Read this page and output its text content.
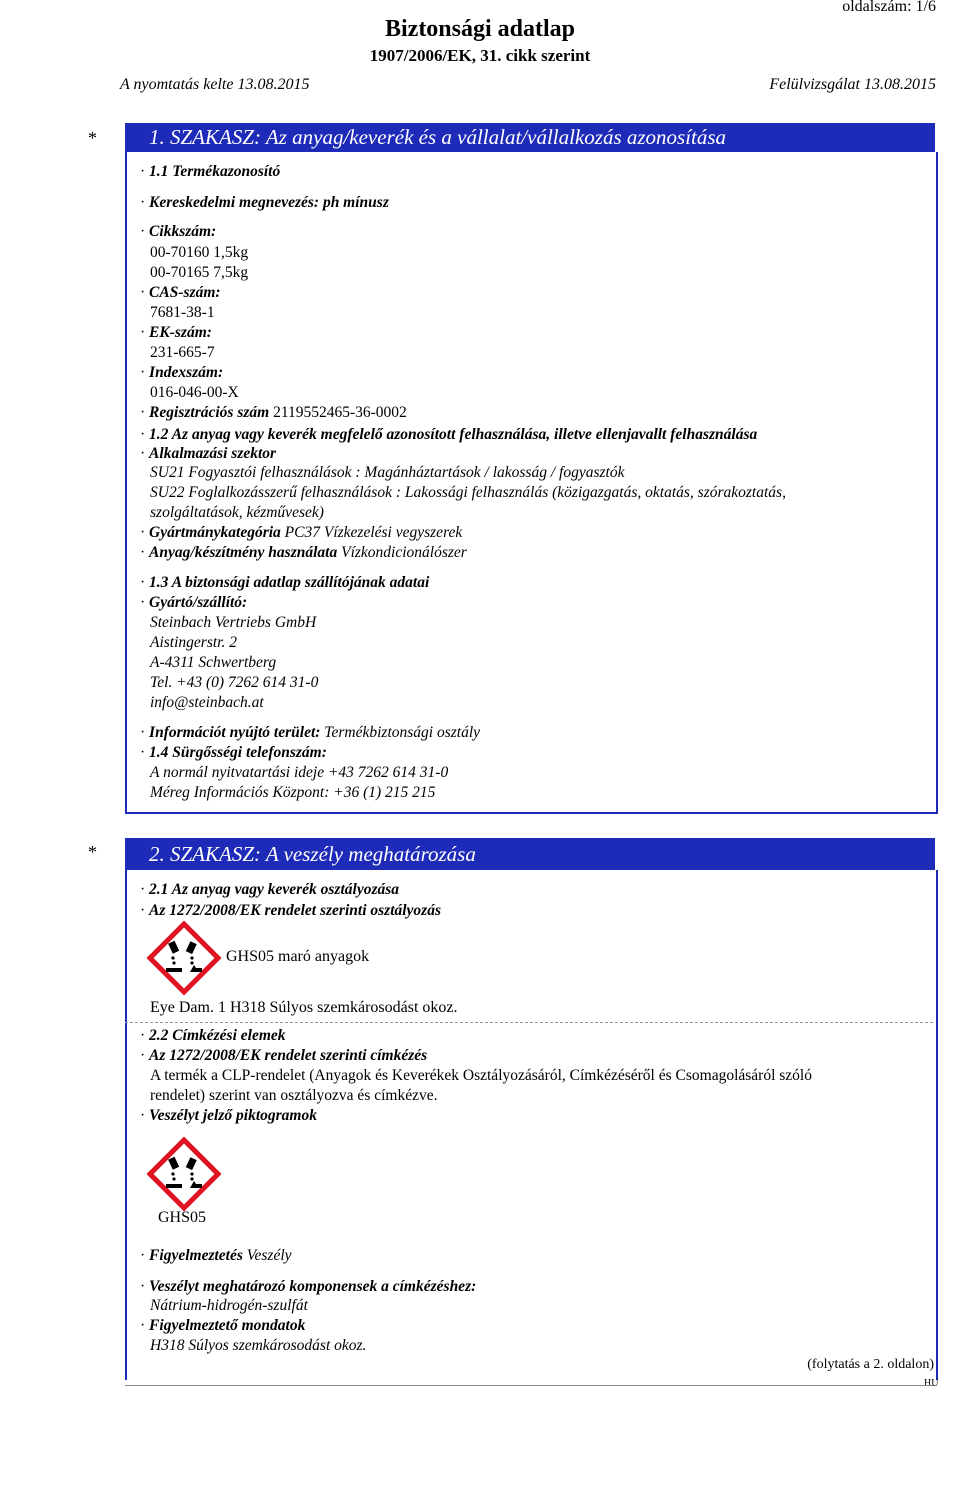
oldalszám: 1/6
Biztonsági adatlap
1907/2006/EK, 31. cikk szerint
A nyomtatás kelte 13.08.2015	Felülvizsgálat 13.08.2015
*	1. SZAKASZ: Az anyag/keverék és a vállalat/vállalkozás azonosítása
· 1.1 Termékazonosító
· Kereskedelmi megnevezés: ph mínusz
· Cikkszám:
00-70160 1,5kg
00-70165 7,5kg
· CAS-szám:
7681-38-1
· EK-szám:
231-665-7
· Indexszám:
016-046-00-X
· Regisztrációs szám 2119552465-36-0002
· 1.2 Az anyag vagy keverék megfelelő azonosított felhasználása, illetve ellenjavallt felhasználása
· Alkalmazási szektor
SU21 Fogyasztói felhasználások : Magánháztartások / lakosság / fogyasztók
SU22 Foglalkozásszerű felhasználások : Lakossági felhasználás (közigazgatás, oktatás, szórakoztatás,
szolgáltatások, kézművesek)
· Gyártmánykategória PC37 Vízkezelési vegyszerek
· Anyag/készítmény használata Vízkondicionálószer
· 1.3 A biztonsági adatlap szállítójának adatai
· Gyártó/szállító:
Steinbach Vertriebs GmbH
Aistingerstr. 2
A-4311 Schwertberg
Tel. +43 (0) 7262 614 31-0
info@steinbach.at
· Információt nyújtó terület: Termékbiztonsági osztály
· 1.4 Sürgősségi telefonszám:
A normál nyitvatartási ideje +43 7262 614 31-0
Méreg Információs Központ: +36 (1) 215 215
*	2. SZAKASZ: A veszély meghatározása
· 2.1 Az anyag vagy keverék osztályozása
· Az 1272/2008/EK rendelet szerinti osztályozás
GHS05 maró anyagok
Eye Dam. 1 H318 Súlyos szemkárosodást okoz.
· 2.2 Címkézési elemek
· Az 1272/2008/EK rendelet szerinti címkézés
A termék a CLP-rendelet (Anyagok és Keverékek Osztályozásáról, Címkézéséről és Csomagolásáról szóló
rendelet) szerint van osztályozva és címkézve.
· Veszélyt jelző piktogramok
GHS05
· Figyelmeztetés Veszély
· Veszélyt meghatározó komponensek a címkézéshez:
Nátrium-hidrogén-szulfát
· Figyelmeztető mondatok
H318 Súlyos szemkárosodást okoz.
(folytatás a 2. oldalon)
HU
